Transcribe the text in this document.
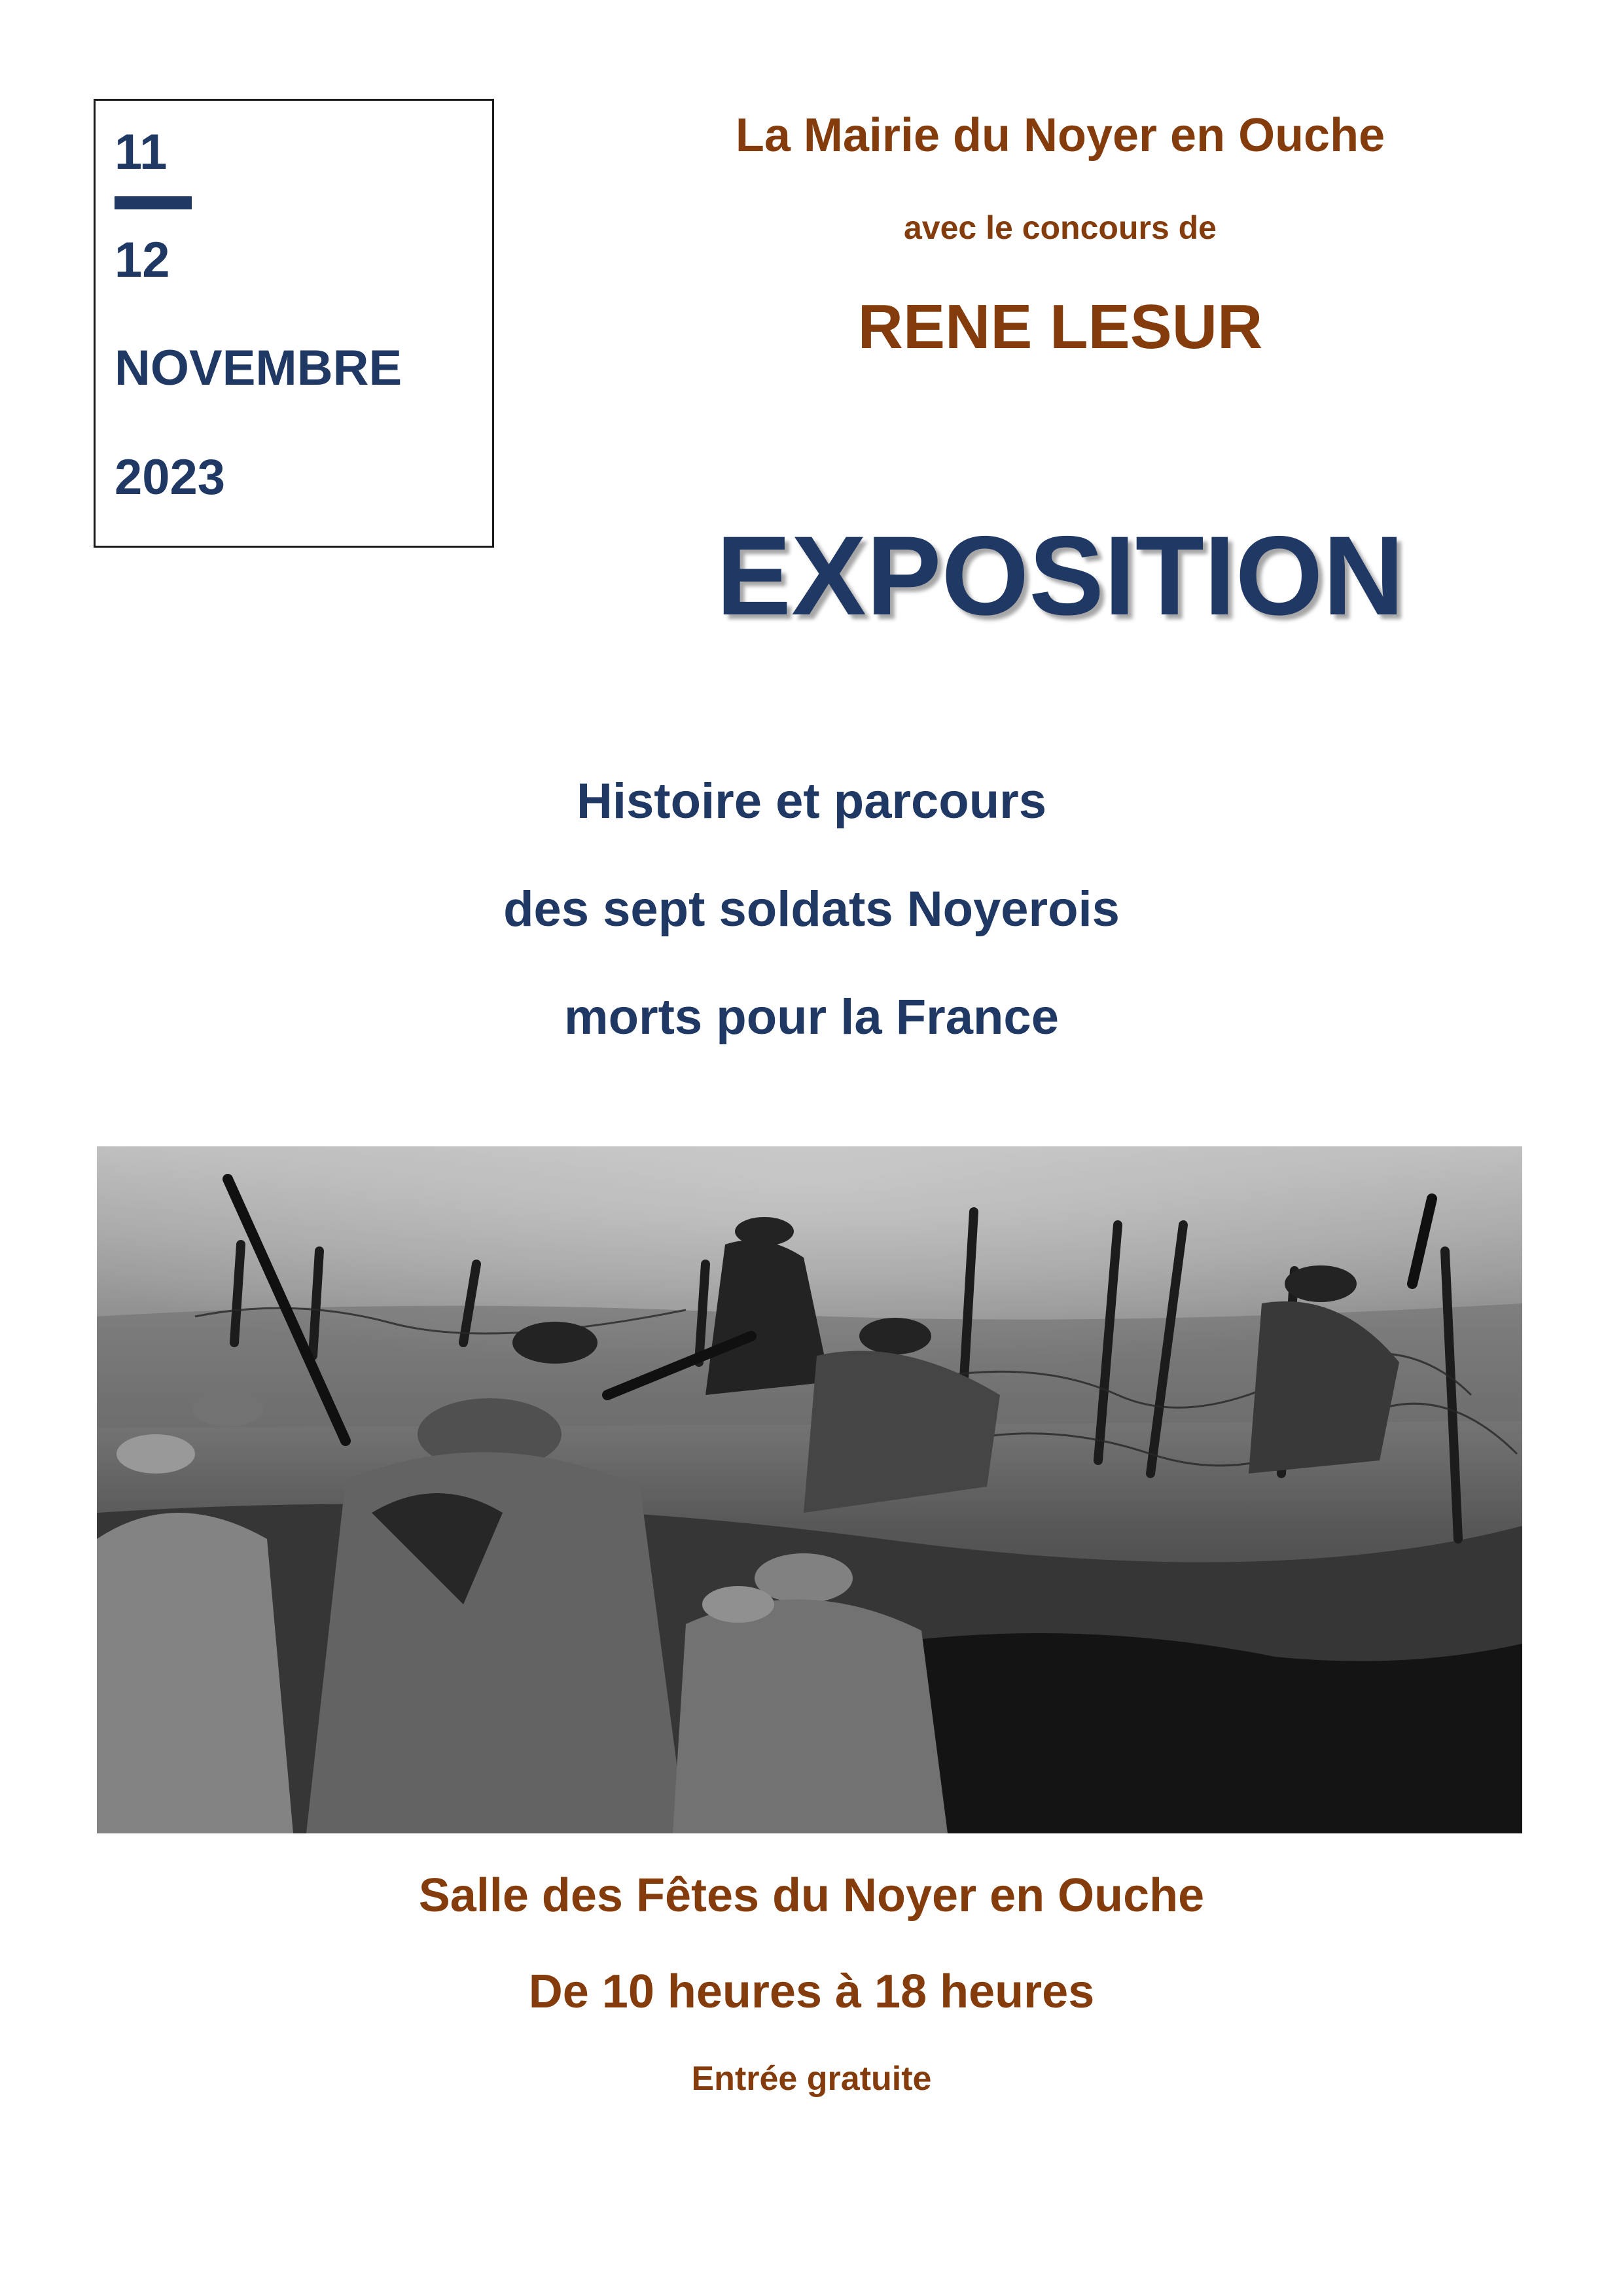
11

12

NOVEMBRE

2023

La Mairie du Noyer en Ouche

avec le concours de

RENE LESUR

EXPOSITION

Histoire et parcours

des sept soldats Noyerois

morts pour la France

Salle des Fêtes du Noyer en Ouche

De 10 heures à 18 heures

Entrée gratuite
